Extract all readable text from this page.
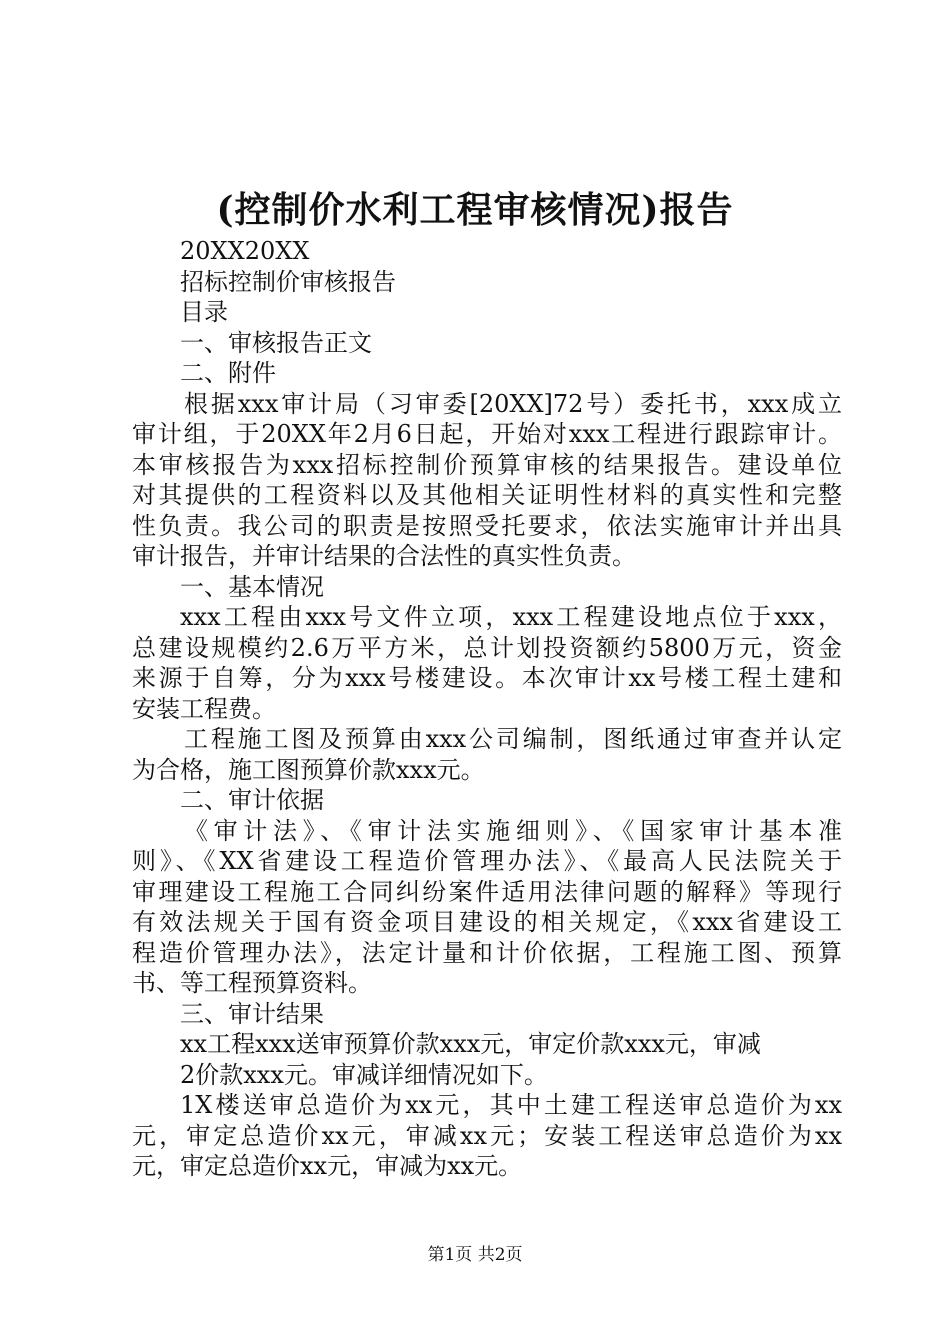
(控制价水利工程审核情况)报告
20XX20XX
招标控制价审核报告
目录
一、审核报告正文
二、附件
根据xxx审计局（习审委[20XX]72号）委托书，xxx成立
审计组，于20XX年2月6日起，开始对xxx工程进行跟踪审计。
本审核报告为xxx招标控制价预算审核的结果报告。建设单位
对其提供的工程资料以及其他相关证明性材料的真实性和完整
性负责。我公司的职责是按照受托要求，依法实施审计并出具
审计报告，并审计结果的合法性的真实性负责。
一、基本情况
xxx工程由xxx号文件立项，xxx工程建设地点位于xxx，
总建设规模约2.6万平方米，总计划投资额约5800万元，资金
来源于自筹，分为xxx号楼建设。本次审计xx号楼工程土建和
安装工程费。
工程施工图及预算由xxx公司编制，图纸通过审查并认定
为合格，施工图预算价款xxx元。
二、审计依据
《审计法》、《审计法实施细则》、《国家审计基本准
则》、《XX省建设工程造价管理办法》、《最高人民法院关于
审理建设工程施工合同纠纷案件适用法律问题的解释》等现行
有效法规关于国有资金项目建设的相关规定，《xxx省建设工
程造价管理办法》，法定计量和计价依据，工程施工图、预算
书、等工程预算资料。
三、审计结果
xx工程xxx送审预算价款xxx元，审定价款xxx元，审减
2价款xxx元。审减详细情况如下。
1X楼送审总造价为xx元，其中土建工程送审总造价为xx
元，审定总造价xx元，审减xx元；安装工程送审总造价为xx
元，审定总造价xx元，审减为xx元。
第1页 共2页
